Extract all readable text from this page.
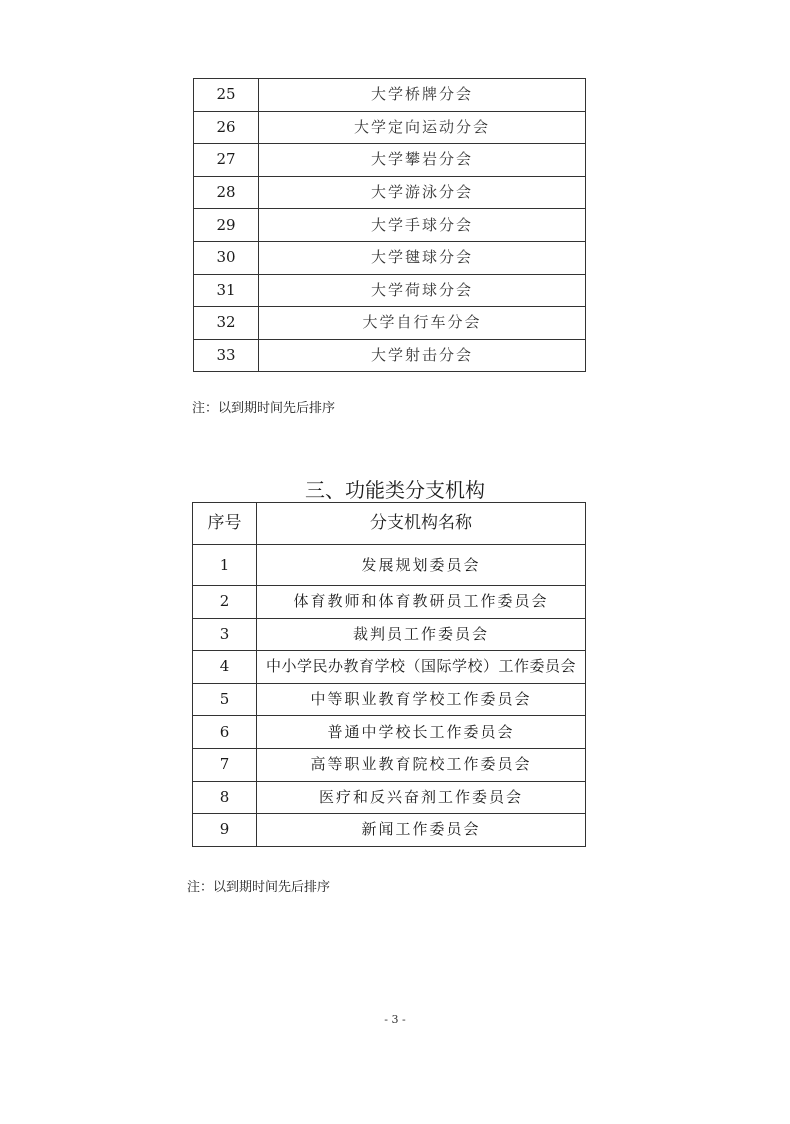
25	大学桥牌分会
26	大学定向运动分会
27	大学攀岩分会
28	大学游泳分会
29	大学手球分会
30	大学毽球分会
31	大学荷球分会
32	大学自行车分会
33	大学射击分会
注：以到期时间先后排序
三、功能类分支机构
序号	分支机构名称
1	发展规划委员会
2	体育教师和体育教研员工作委员会
3	裁判员工作委员会
4	中小学民办教育学校（国际学校）工作委员会
5	中等职业教育学校工作委员会
6	普通中学校长工作委员会
7	高等职业教育院校工作委员会
8	医疗和反兴奋剂工作委员会
9	新闻工作委员会
注：以到期时间先后排序
- 3 -
